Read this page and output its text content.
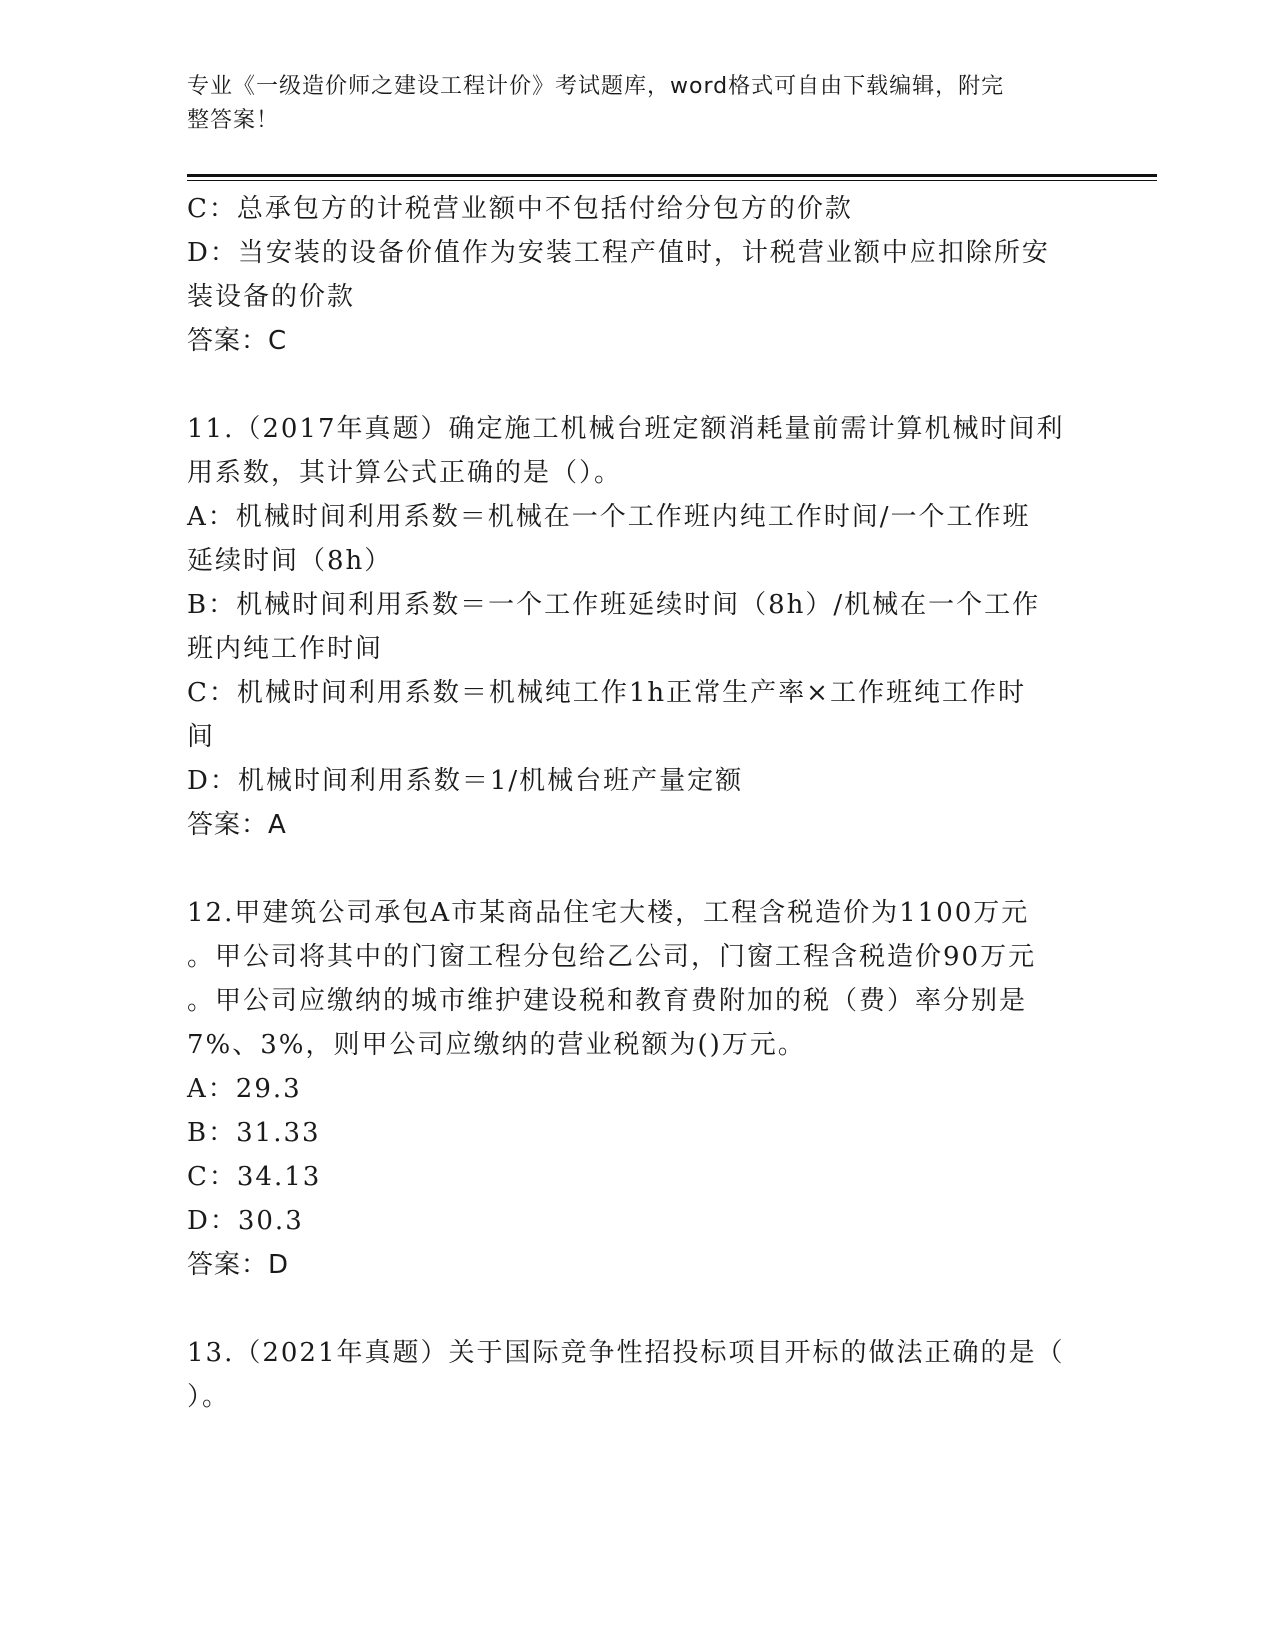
专业《一级造价师之建设工程计价》考试题库，word格式可自由下载编辑，附完

整答案！

C：总承包方的计税营业额中不包括付给分包方的价款

D：当安装的设备价值作为安装工程产值时，计税营业额中应扣除所安

装设备的价款

答案：C

11.（2017年真题）确定施工机械台班定额消耗量前需计算机械时间利

用系数，其计算公式正确的是（）。

A：机械时间利用系数＝机械在一个工作班内纯工作时间/一个工作班

延续时间（8h）

B：机械时间利用系数＝一个工作班延续时间（8h）/机械在一个工作

班内纯工作时间

C：机械时间利用系数＝机械纯工作1h正常生产率×工作班纯工作时

间

D：机械时间利用系数＝1/机械台班产量定额

答案：A

12.甲建筑公司承包A市某商品住宅大楼，工程含税造价为1100万元

。甲公司将其中的门窗工程分包给乙公司，门窗工程含税造价90万元

。甲公司应缴纳的城市维护建设税和教育费附加的税（费）率分别是

7%、3%，则甲公司应缴纳的营业税额为()万元。

A：29.3

B：31.33

C：34.13

D：30.3

答案：D

13.（2021年真题）关于国际竞争性招投标项目开标的做法正确的是（

）。
